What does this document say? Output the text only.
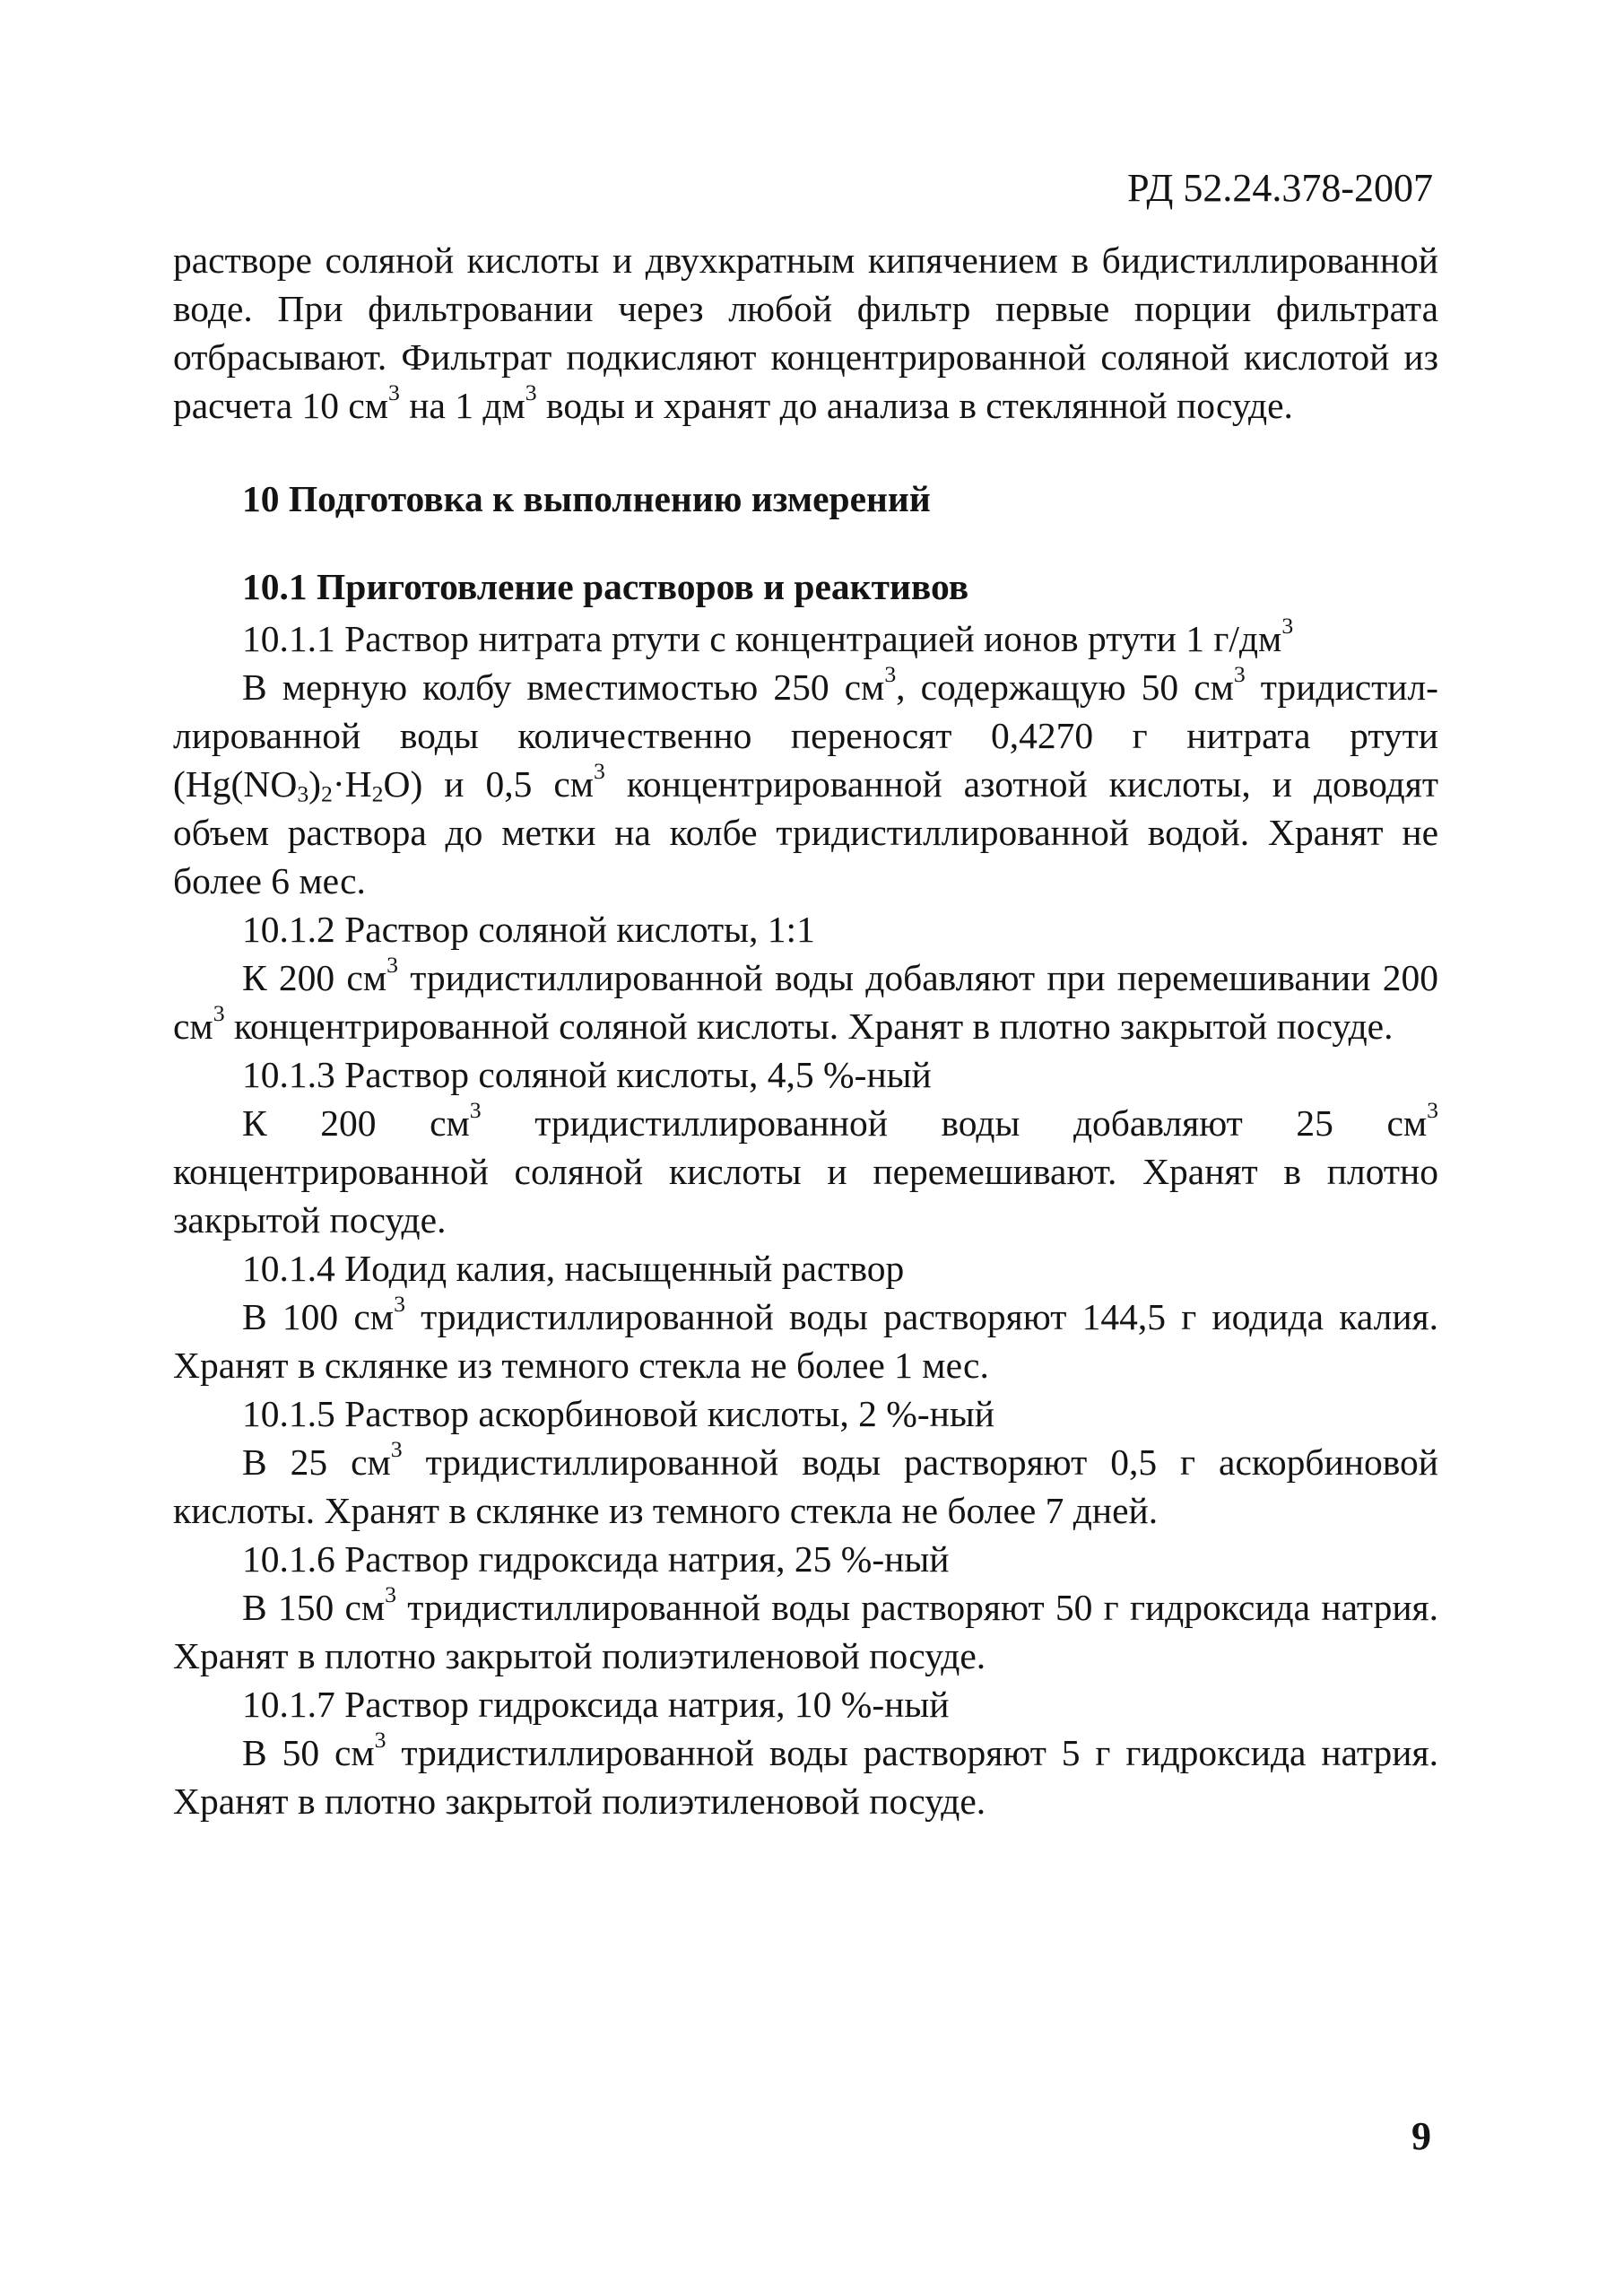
РД 52.24.378-2007

растворе соляной кислоты и двухкратным кипячением в бидистиллированной воде. При фильтровании через любой фильтр первые порции фильтрата отбрасывают. Фильтрат подкисляют концентрированной соляной кислотой из расчета 10 $см^3$ на 1 $дм^3$ воды и хранят до анализа в стеклянной посуде.

10 Подготовка к выполнению измерений
10.1 Приготовление растворов и реактивов

10.1.1 Раствор нитрата ртути с концентрацией ионов ртути 1 $г/дм^3$

В мерную колбу вместимостью 250 $см^3$, содержащую 50 $см^3$ тридистил-лированной воды количественно переносят 0,4270 г нитрата ртути $(Hg(NO_3)_2\cdot H_2O)$ и 0,5 $см^3$ концентрированной азотной кислоты, и доводят объем раствора до метки на колбе тридистиллированной водой. Хранят не более 6 мес.

10.1.2 Раствор соляной кислоты, 1:1

К 200 $см^3$ тридистиллированной воды добавляют при перемешивании 200 $см^3$ концентрированной соляной кислоты. Хранят в плотно закрытой посуде.

10.1.3 Раствор соляной кислоты, 4,5 %-ный

К 200 $см^3$ тридистиллированной воды добавляют 25 $см^3$ концентрированной соляной кислоты и перемешивают. Хранят в плотно закрытой посуде.

10.1.4 Иодид калия, насыщенный раствор

В 100 $см^3$ тридистиллированной воды растворяют 144,5 г иодида калия. Хранят в склянке из темного стекла не более 1 мес.

10.1.5 Раствор аскорбиновой кислоты, 2 %-ный

В 25 $см^3$ тридистиллированной воды растворяют 0,5 г аскорбиновой кислоты. Хранят в склянке из темного стекла не более 7 дней.

10.1.6 Раствор гидроксида натрия, 25 %-ный

В 150 $см^3$ тридистиллированной воды растворяют 50 г гидроксида натрия. Хранят в плотно закрытой полиэтиленовой посуде.

10.1.7 Раствор гидроксида натрия, 10 %-ный

В 50 $см^3$ тридистиллированной воды растворяют 5 г гидроксида натрия. Хранят в плотно закрытой полиэтиленовой посуде.

9
